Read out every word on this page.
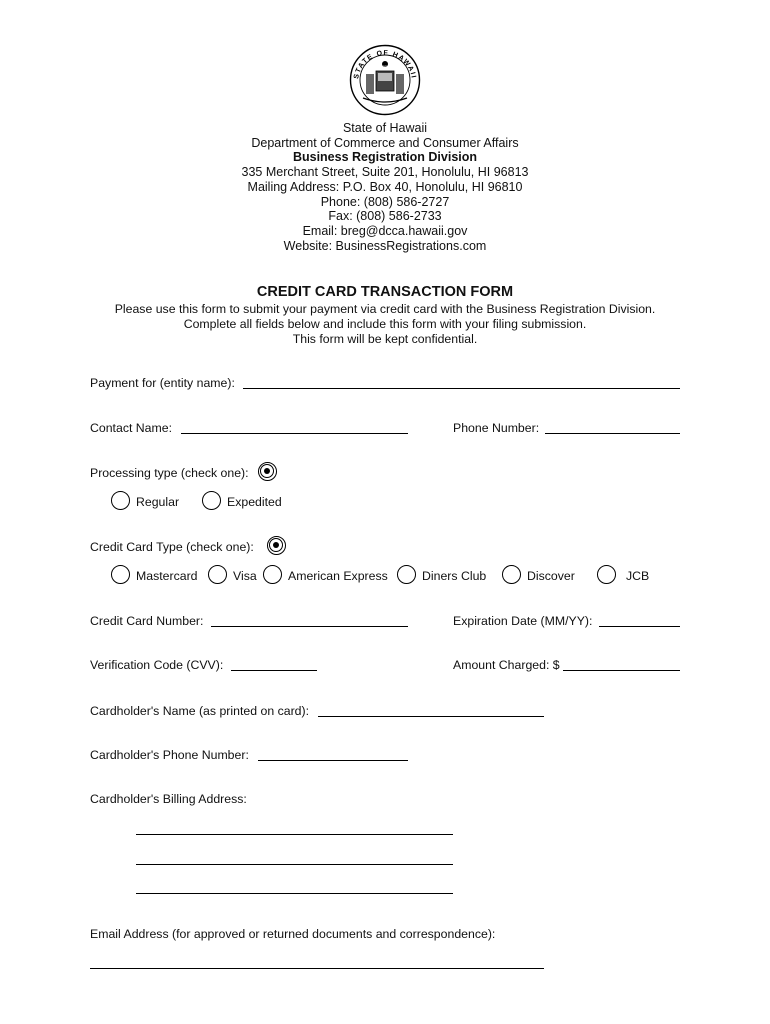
STATE OF HAWAII
1959
State of Hawaii
Department of Commerce and Consumer Affairs
Business Registration Division
335 Merchant Street, Suite 201, Honolulu, HI 96813
Mailing Address: P.O. Box 40, Honolulu, HI 96810
Phone: (808) 586-2727
Fax: (808) 586-2733
Email: breg@dcca.hawaii.gov
Website: BusinessRegistrations.com
CREDIT CARD TRANSACTION FORM
Please use this form to submit your payment via credit card with the Business Registration Division.
Complete all fields below and include this form with your filing submission.
This form will be kept confidential.
Payment for (entity name):
Contact Name:	Phone Number:
Processing type (check one):
Regular	Expedited
Credit Card Type (check one):
Mastercard	Visa	American Express	Diners Club	Discover	JCB
Credit Card Number:	Expiration Date (MM/YY):
Verification Code (CVV):	Amount Charged: $
Cardholder's Name (as printed on card):
Cardholder's Phone Number:
Cardholder's Billing Address:
Email Address (for approved or returned documents and correspondence):
